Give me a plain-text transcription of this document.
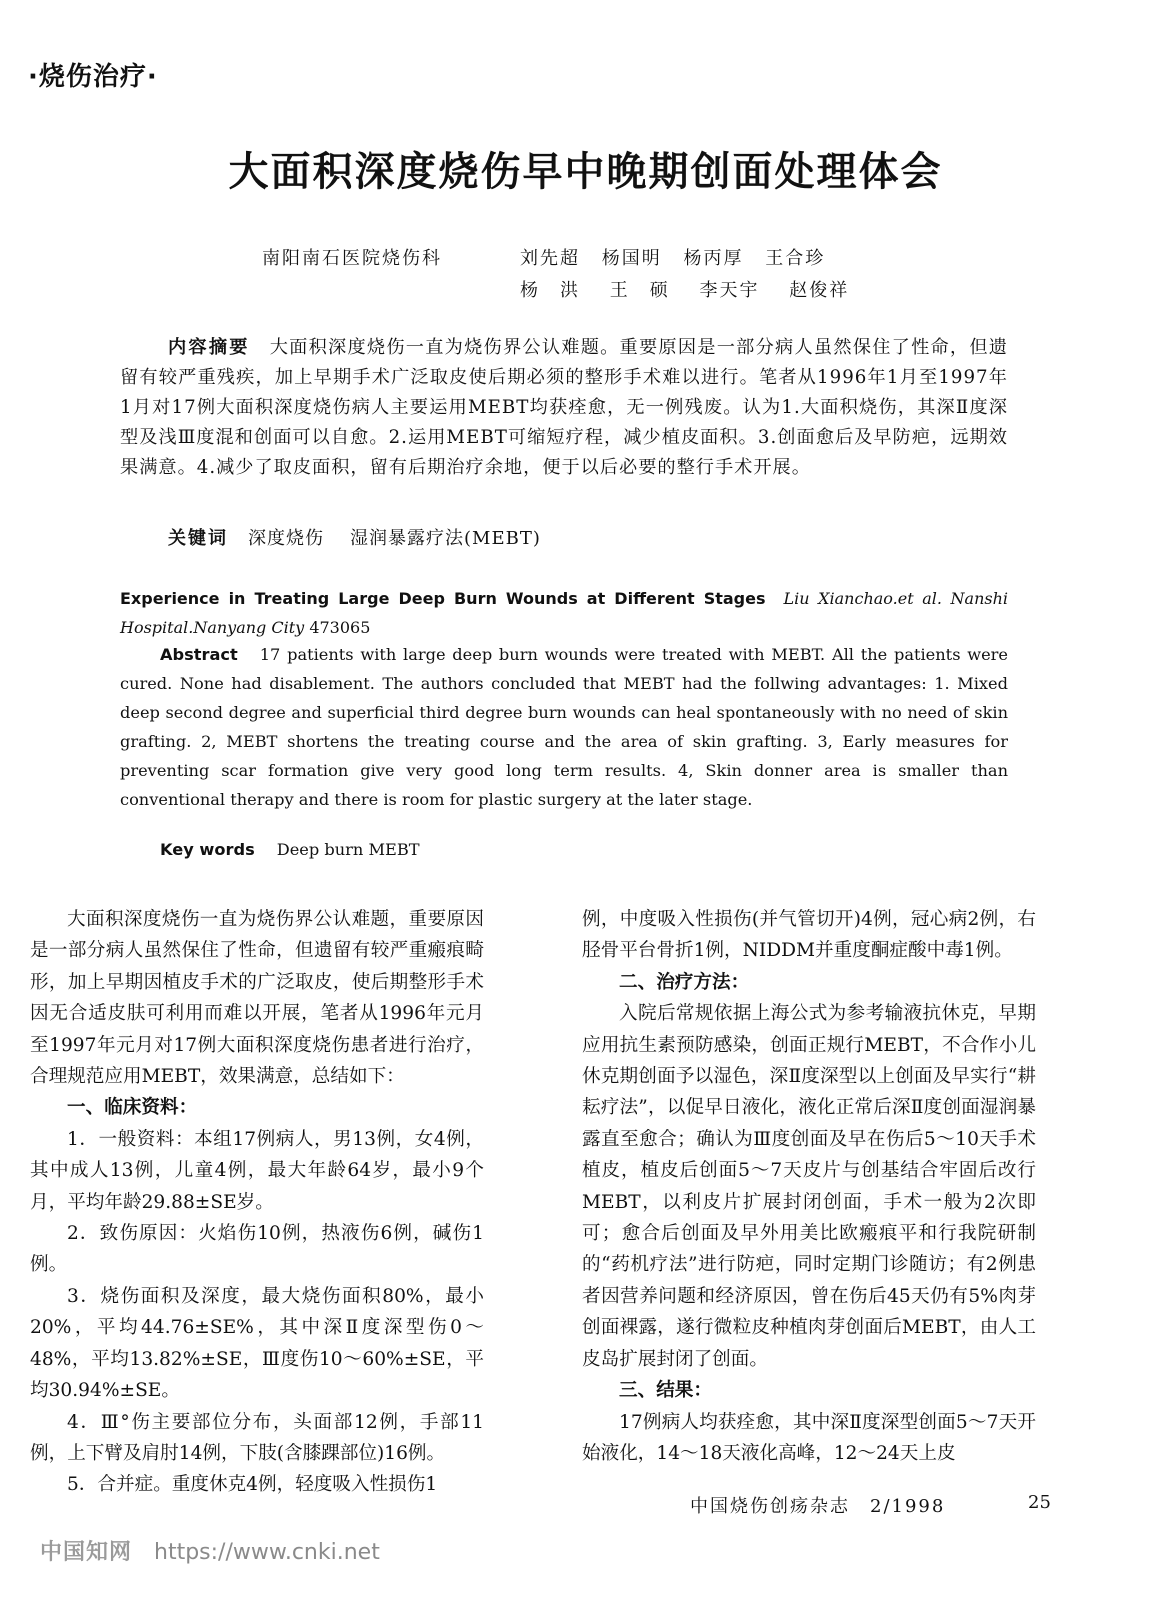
·烧伤治疗·
大面积深度烧伤早中晚期创面处理体会
南阳南石医院烧伤科	刘先超 杨国明 杨丙厚 王合珍
杨　洪 王　硕 李天宇 赵俊祥
内容摘要 大面积深度烧伤一直为烧伤界公认难题。重要原因是一部分病人虽然保住了性命，但遗留有较严重残疾，加上早期手术广泛取皮使后期必须的整形手术难以进行。笔者从1996年1月至1997年1月对17例大面积深度烧伤病人主要运用MEBT均获痊愈，无一例残废。认为1.大面积烧伤，其深Ⅱ度深型及浅Ⅲ度混和创面可以自愈。2.运用MEBT可缩短疗程，减少植皮面积。3.创面愈后及早防疤，远期效果满意。4.减少了取皮面积，留有后期治疗余地，便于以后必要的整行手术开展。
关键词 深度烧伤 湿润暴露疗法(MEBT)
Experience in Treating Large Deep Burn Wounds at Different Stages Liu Xianchao.et al. Nanshi Hospital.Nanyang City 473065
Abstract 17 patients with large deep burn wounds were treated with MEBT. All the patients were cured. None had disablement. The authors concluded that MEBT had the follwing advantages: 1. Mixed deep second degree and superficial third degree burn wounds can heal spontaneously with no need of skin grafting. 2, MEBT shortens the treating course and the area of skin grafting. 3, Early measures for preventing scar formation give very good long term results. 4, Skin donner area is smaller than conventional therapy and there is room for plastic surgery at the later stage.
Key words Deep burn MEBT

大面积深度烧伤一直为烧伤界公认难题，重要原因是一部分病人虽然保住了性命，但遗留有较严重瘢痕畸形，加上早期因植皮手术的广泛取皮，使后期整形手术因无合适皮肤可利用而难以开展，笔者从1996年元月至1997年元月对17例大面积深度烧伤患者进行治疗，合理规范应用MEBT，效果满意，总结如下：

一、临床资料：

1．一般资料：本组17例病人，男13例，女4例，其中成人13例，儿童4例，最大年龄64岁，最小9个月，平均年龄29.88±SE岁。

2．致伤原因：火焰伤10例，热液伤6例，碱伤1例。

3．烧伤面积及深度，最大烧伤面积80%，最小20%，平均44.76±SE%，其中深Ⅱ度深型伤0～48%，平均13.82%±SE，Ⅲ度伤10～60%±SE，平均30.94%±SE。

4．Ⅲ°伤主要部位分布，头面部12例，手部11例，上下臂及肩肘14例，下肢(含膝踝部位)16例。

5．合并症。重度休克4例，轻度吸入性损伤1

例，中度吸入性损伤(并气管切开)4例，冠心病2例，右胫骨平台骨折1例，NIDDM并重度酮症酸中毒1例。

二、治疗方法：

入院后常规依据上海公式为参考输液抗休克，早期应用抗生素预防感染，创面正规行MEBT，不合作小儿休克期创面予以湿色，深Ⅱ度深型以上创面及早实行“耕耘疗法”，以促早日液化，液化正常后深Ⅱ度创面湿润暴露直至愈合；确认为Ⅲ度创面及早在伤后5～10天手术植皮，植皮后创面5～7天皮片与创基结合牢固后改行MEBT，以利皮片扩展封闭创面，手术一般为2次即可；愈合后创面及早外用美比欧瘢痕平和行我院研制的“药机疗法”进行防疤，同时定期门诊随访；有2例患者因营养问题和经济原因，曾在伤后45天仍有5%肉芽创面裸露，遂行微粒皮种植肉芽创面后MEBT，由人工皮岛扩展封闭了创面。

三、结果：

17例病人均获痊愈，其中深Ⅱ度深型创面5～7天开始液化，14～18天液化高峰，12～24天上皮

中国烧伤创疡杂志　2/1998	25
中国知网 https://www.cnki.net
